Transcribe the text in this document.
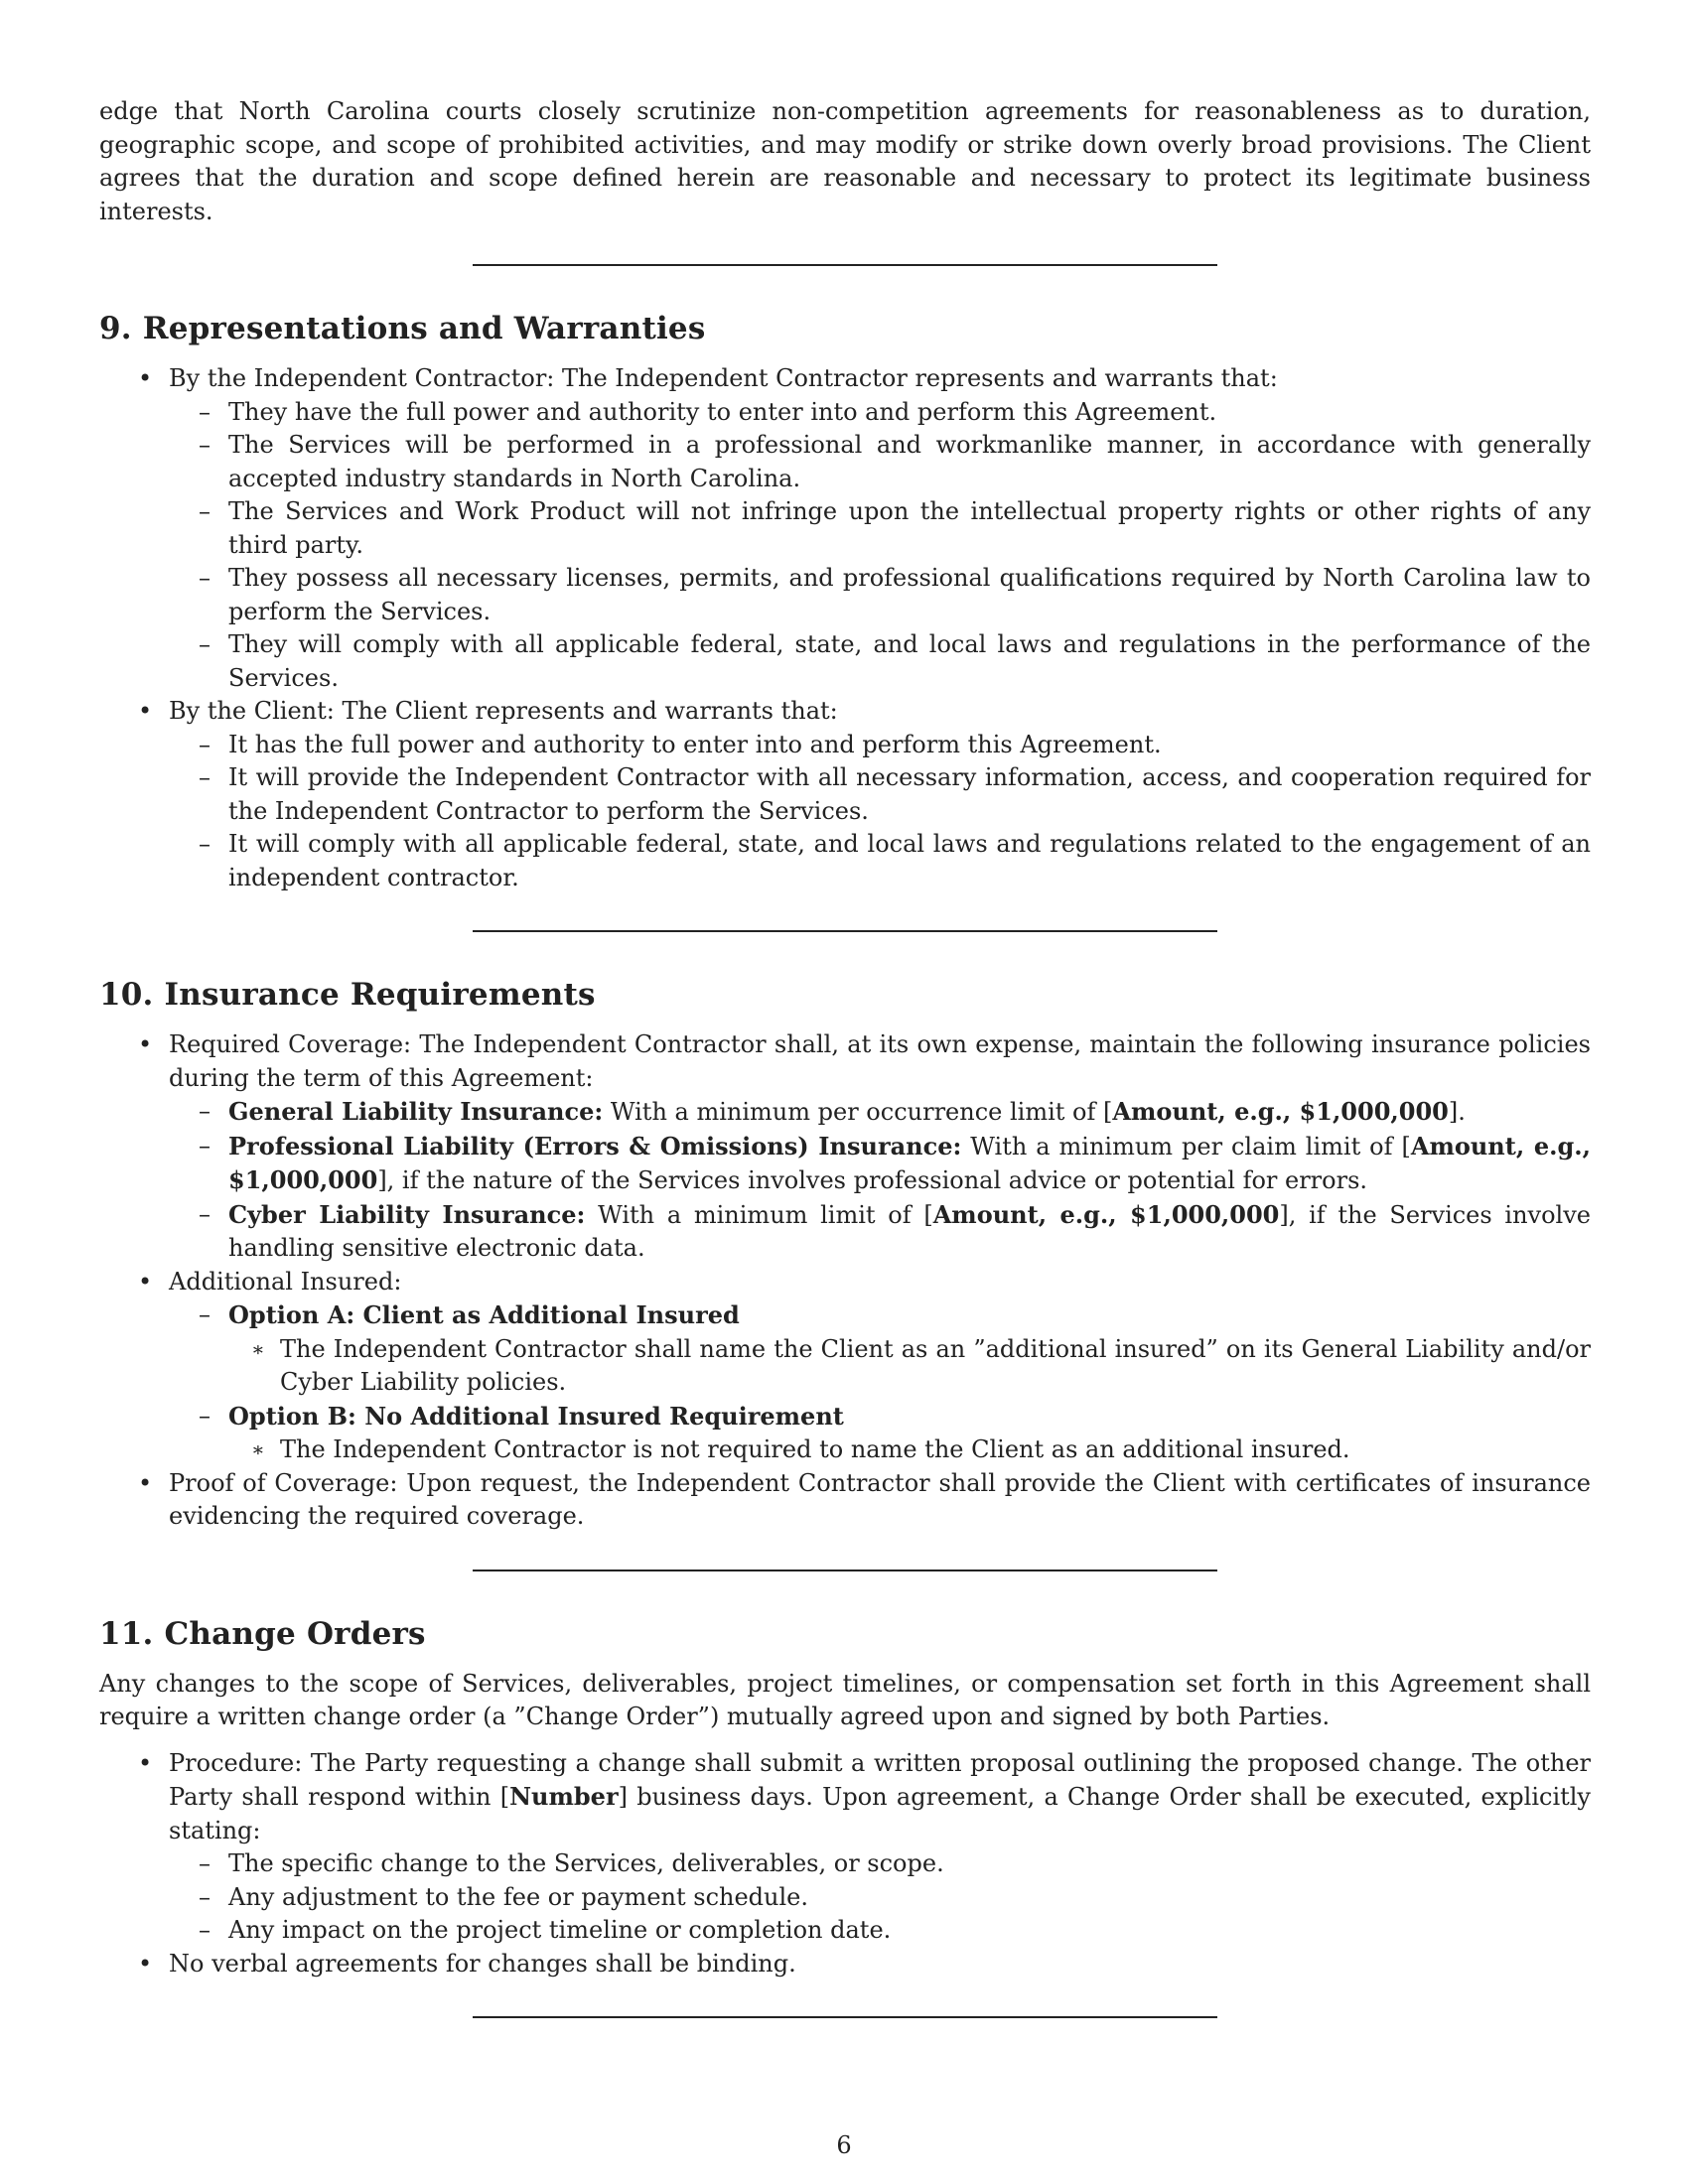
edge that North Carolina courts closely scrutinize non-competition agreements for reasonableness as to duration, geographic scope, and scope of prohibited activities, and may modify or strike down overly broad provisions. The Client agrees that the duration and scope defined herein are reasonable and necessary to protect its legitimate business interests.

9. Representations and Warranties
• By the Independent Contractor: The Independent Contractor represents and warrants that:
– They have the full power and authority to enter into and perform this Agreement.
– The Services will be performed in a professional and workmanlike manner, in accordance with generally accepted industry standards in North Carolina.
– The Services and Work Product will not infringe upon the intellectual property rights or other rights of any third party.
– They possess all necessary licenses, permits, and professional qualifications required by North Carolina law to perform the Services.
– They will comply with all applicable federal, state, and local laws and regulations in the performance of the Services.
• By the Client: The Client represents and warrants that:
– It has the full power and authority to enter into and perform this Agreement.
– It will provide the Independent Contractor with all necessary information, access, and cooperation required for the Independent Contractor to perform the Services.
– It will comply with all applicable federal, state, and local laws and regulations related to the engagement of an independent contractor.
10. Insurance Requirements
• Required Coverage: The Independent Contractor shall, at its own expense, maintain the following insurance policies during the term of this Agreement:
– General Liability Insurance: With a minimum per occurrence limit of [Amount, e.g., $1,000,000].
– Professional Liability (Errors & Omissions) Insurance: With a minimum per claim limit of [Amount, e.g., $1,000,000], if the nature of the Services involves professional advice or potential for errors.
– Cyber Liability Insurance: With a minimum limit of [Amount, e.g., $1,000,000], if the Services involve handling sensitive electronic data.
• Additional Insured:
– Option A: Client as Additional Insured
∗ The Independent Contractor shall name the Client as an ”additional insured” on its General Liability and/or Cyber Liability policies.
– Option B: No Additional Insured Requirement
∗ The Independent Contractor is not required to name the Client as an additional insured.
• Proof of Coverage: Upon request, the Independent Contractor shall provide the Client with certificates of insurance evidencing the required coverage.
11. Change Orders

Any changes to the scope of Services, deliverables, project timelines, or compensation set forth in this Agreement shall require a written change order (a ”Change Order”) mutually agreed upon and signed by both Parties.

• Procedure: The Party requesting a change shall submit a written proposal outlining the proposed change. The other Party shall respond within [Number] business days. Upon agreement, a Change Order shall be executed, explicitly stating:
– The specific change to the Services, deliverables, or scope.
– Any adjustment to the fee or payment schedule.
– Any impact on the project timeline or completion date.
• No verbal agreements for changes shall be binding.
6
